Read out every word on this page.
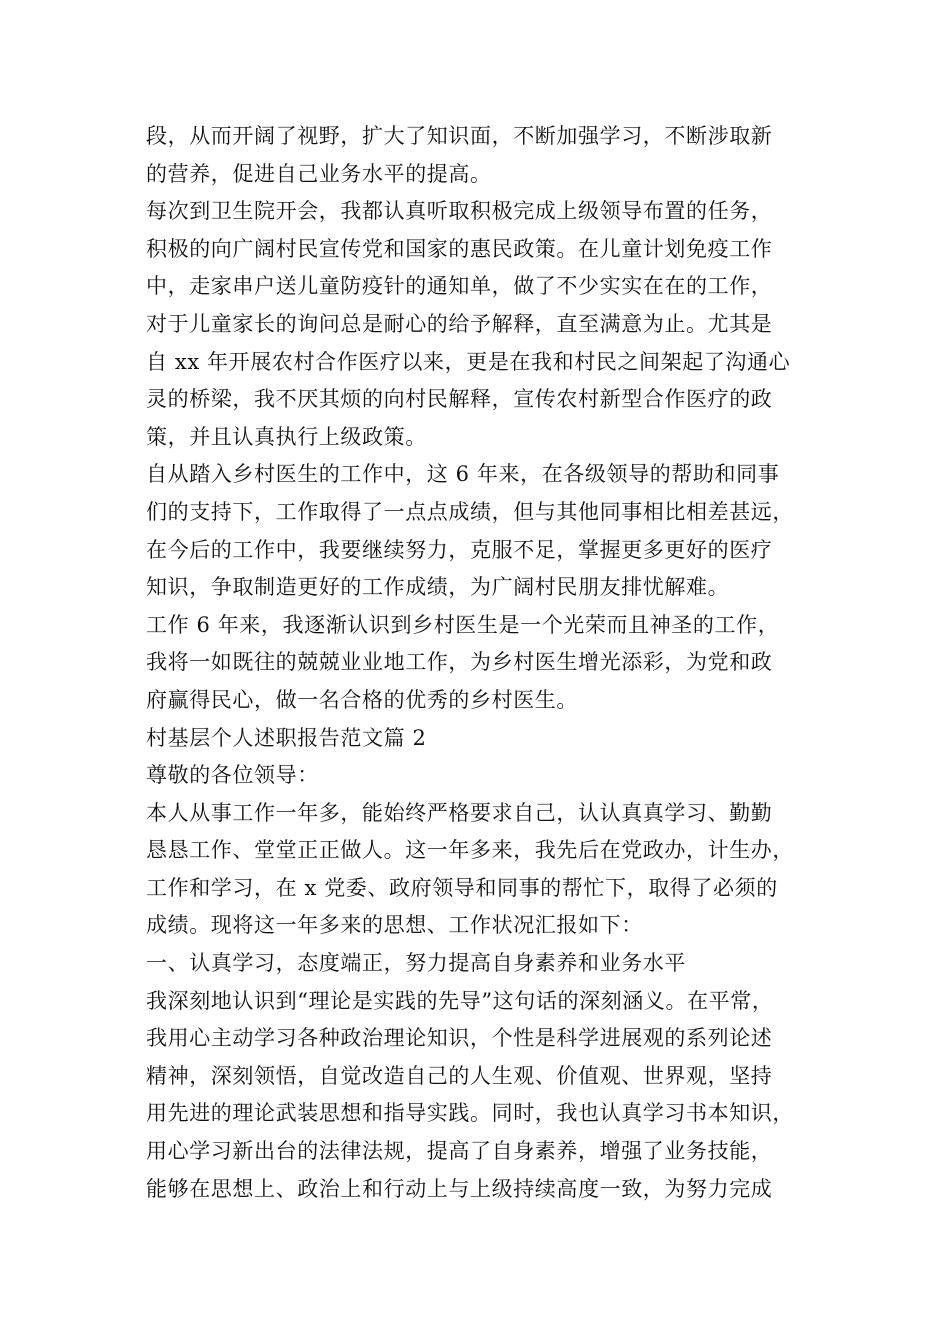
段，从而开阔了视野，扩大了知识面，不断加强学习，不断涉取新
的营养，促进自己业务水平的提高。
每次到卫生院开会，我都认真听取积极完成上级领导布置的任务，
积极的向广阔村民宣传党和国家的惠民政策。在儿童计划免疫工作
中，走家串户送儿童防疫针的通知单，做了不少实实在在的工作，
对于儿童家长的询问总是耐心的给予解释，直至满意为止。尤其是
自 xx 年开展农村合作医疗以来，更是在我和村民之间架起了沟通心
灵的桥梁，我不厌其烦的向村民解释，宣传农村新型合作医疗的政
策，并且认真执行上级政策。
自从踏入乡村医生的工作中，这 6 年来，在各级领导的帮助和同事
们的支持下，工作取得了一点点成绩，但与其他同事相比相差甚远，
在今后的工作中，我要继续努力，克服不足，掌握更多更好的医疗
知识，争取制造更好的工作成绩，为广阔村民朋友排忧解难。
工作 6 年来，我逐渐认识到乡村医生是一个光荣而且神圣的工作，
我将一如既往的兢兢业业地工作，为乡村医生增光添彩，为党和政
府赢得民心，做一名合格的优秀的乡村医生。
村基层个人述职报告范文篇 2
尊敬的各位领导：
本人从事工作一年多，能始终严格要求自己，认认真真学习、勤勤
恳恳工作、堂堂正正做人。这一年多来，我先后在党政办，计生办，
工作和学习，在 x 党委、政府领导和同事的帮忙下，取得了必须的
成绩。现将这一年多来的思想、工作状况汇报如下：
一、认真学习，态度端正，努力提高自身素养和业务水平
我深刻地认识到“理论是实践的先导”这句话的深刻涵义。在平常，
我用心主动学习各种政治理论知识，个性是科学进展观的系列论述
精神，深刻领悟，自觉改造自己的人生观、价值观、世界观，坚持
用先进的理论武装思想和指导实践。同时，我也认真学习书本知识，
用心学习新出台的法律法规，提高了自身素养，增强了业务技能，
能够在思想上、政治上和行动上与上级持续高度一致，为努力完成
